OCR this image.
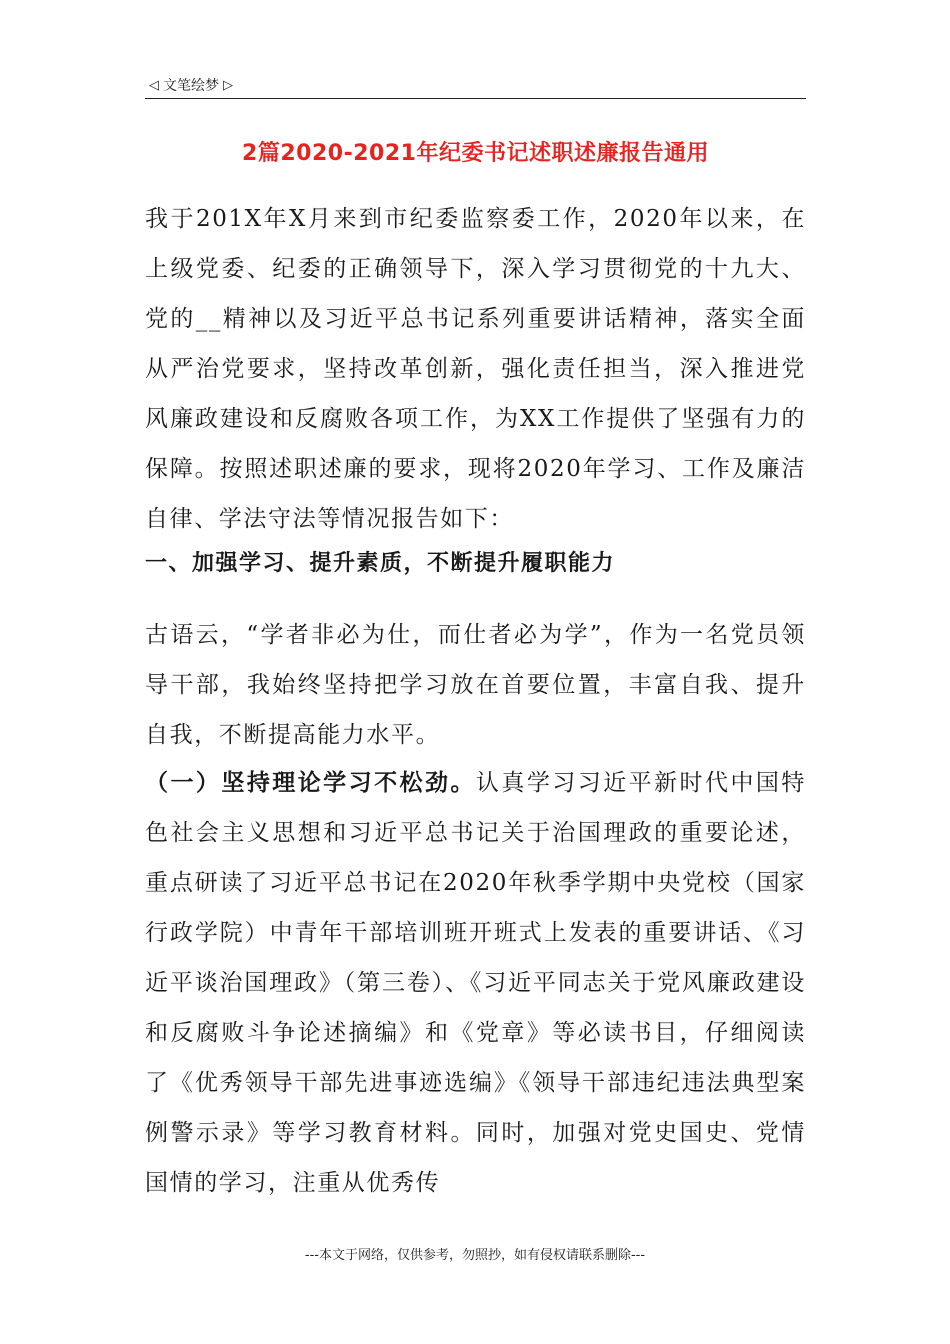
◁ 文笔绘梦 ▷
2篇2020-2021年纪委书记述职述廉报告通用

我于201X年X月来到市纪委监察委工作，2020年以来，在上级党委、纪委的正确领导下，深入学习贯彻党的十九大、党的__精神以及习近平总书记系列重要讲话精神，落实全面从严治党要求，坚持改革创新，强化责任担当，深入推进党风廉政建设和反腐败各项工作，为XX工作提供了坚强有力的保障。按照述职述廉的要求，现将2020年学习、工作及廉洁自律、学法守法等情况报告如下：

一、加强学习、提升素质，不断提升履职能力

古语云，“学者非必为仕，而仕者必为学”，作为一名党员领导干部，我始终坚持把学习放在首要位置，丰富自我、提升自我，不断提高能力水平。

（一）坚持理论学习不松劲。认真学习习近平新时代中国特色社会主义思想和习近平总书记关于治国理政的重要论述，重点研读了习近平总书记在2020年秋季学期中央党校（国家行政学院）中青年干部培训班开班式上发表的重要讲话、《习近平谈治国理政》（第三卷）、《习近平同志关于党风廉政建设和反腐败斗争论述摘编》和《党章》等必读书目，仔细阅读了《优秀领导干部先进事迹选编》《领导干部违纪违法典型案例警示录》等学习教育材料。同时，加强对党史国史、党情国情的学习，注重从优秀传

---本文于网络，仅供参考，勿照抄，如有侵权请联系删除---
